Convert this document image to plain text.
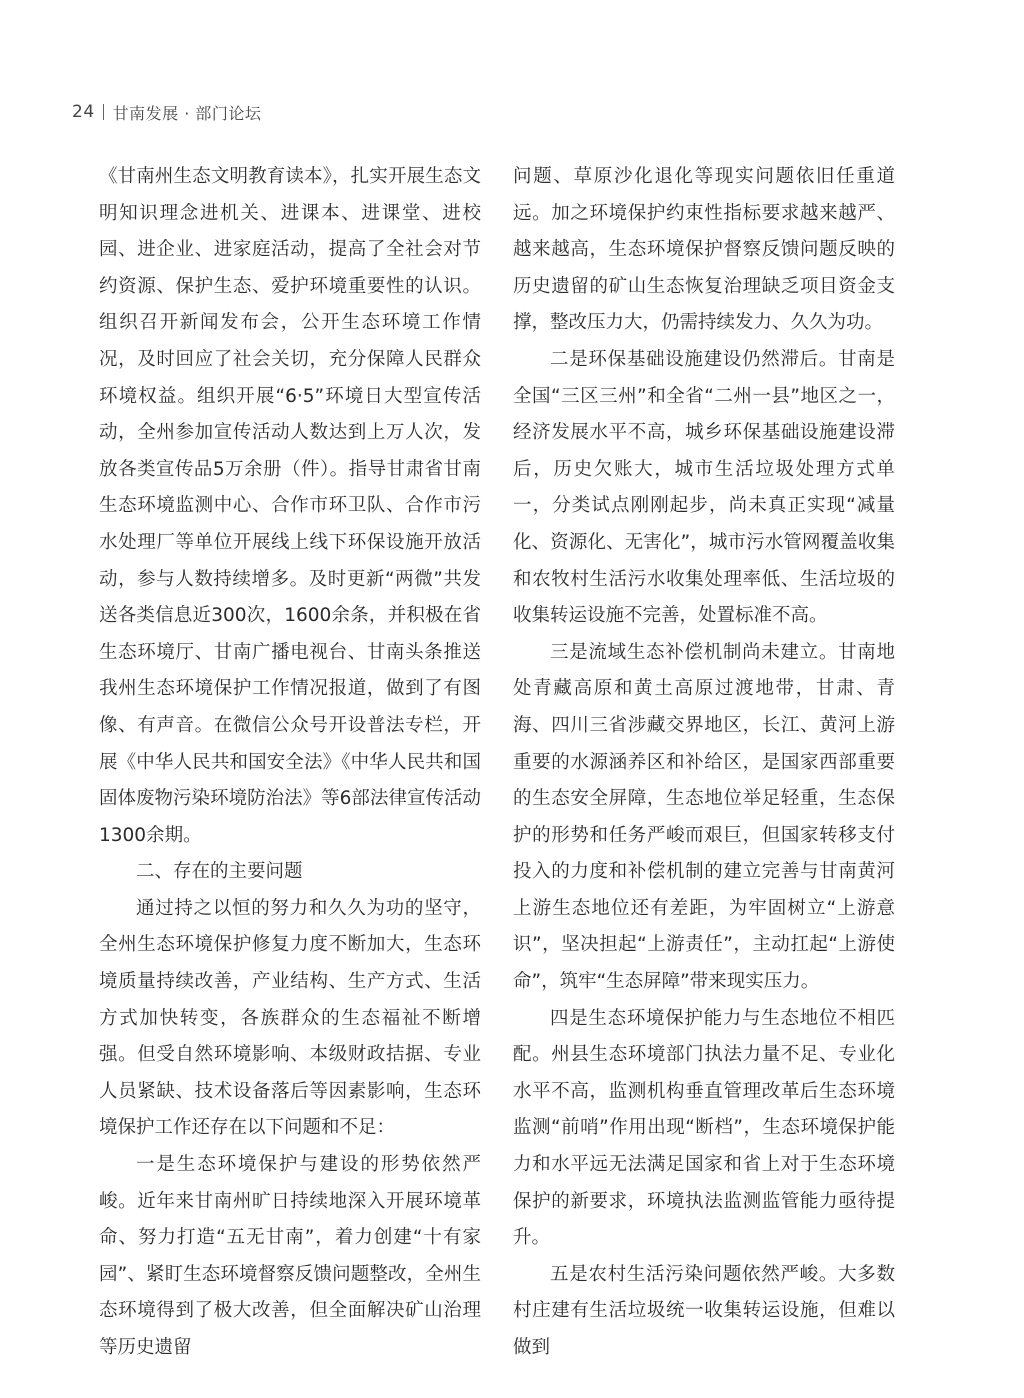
24 甘南发展 · 部门论坛

《甘南州生态文明教育读本》，扎实开展生态文明知识理念进机关、进课本、进课堂、进校园、进企业、进家庭活动，提高了全社会对节约资源、保护生态、爱护环境重要性的认识。组织召开新闻发布会，公开生态环境工作情况，及时回应了社会关切，充分保障人民群众环境权益。组织开展“6·5”环境日大型宣传活动，全州参加宣传活动人数达到上万人次，发放各类宣传品5万余册（件）。指导甘肃省甘南生态环境监测中心、合作市环卫队、合作市污水处理厂等单位开展线上线下环保设施开放活动，参与人数持续增多。及时更新“两微”共发送各类信息近300次，1600余条，并积极在省生态环境厅、甘南广播电视台、甘南头条推送我州生态环境保护工作情况报道，做到了有图像、有声音。在微信公众号开设普法专栏，开展《中华人民共和国安全法》《中华人民共和国固体废物污染环境防治法》等6部法律宣传活动1300余期。

二、存在的主要问题

通过持之以恒的努力和久久为功的坚守，全州生态环境保护修复力度不断加大，生态环境质量持续改善，产业结构、生产方式、生活方式加快转变，各族群众的生态福祉不断增强。但受自然环境影响、本级财政拮据、专业人员紧缺、技术设备落后等因素影响，生态环境保护工作还存在以下问题和不足：

一是生态环境保护与建设的形势依然严峻。近年来甘南州旷日持续地深入开展环境革命、努力打造“五无甘南”，着力创建“十有家园”、紧盯生态环境督察反馈问题整改，全州生态环境得到了极大改善，但全面解决矿山治理等历史遗留

问题、草原沙化退化等现实问题依旧任重道远。加之环境保护约束性指标要求越来越严、越来越高，生态环境保护督察反馈问题反映的历史遗留的矿山生态恢复治理缺乏项目资金支撑，整改压力大，仍需持续发力、久久为功。

二是环保基础设施建设仍然滞后。甘南是全国“三区三州”和全省“二州一县”地区之一，经济发展水平不高，城乡环保基础设施建设滞后，历史欠账大，城市生活垃圾处理方式单一，分类试点刚刚起步，尚未真正实现“减量化、资源化、无害化”，城市污水管网覆盖收集和农牧村生活污水收集处理率低、生活垃圾的收集转运设施不完善，处置标准不高。

三是流域生态补偿机制尚未建立。甘南地处青藏高原和黄土高原过渡地带，甘肃、青海、四川三省涉藏交界地区，长江、黄河上游重要的水源涵养区和补给区，是国家西部重要的生态安全屏障，生态地位举足轻重，生态保护的形势和任务严峻而艰巨，但国家转移支付投入的力度和补偿机制的建立完善与甘南黄河上游生态地位还有差距，为牢固树立“上游意识”，坚决担起“上游责任”，主动扛起“上游使命”，筑牢“生态屏障”带来现实压力。

四是生态环境保护能力与生态地位不相匹配。州县生态环境部门执法力量不足、专业化水平不高，监测机构垂直管理改革后生态环境监测“前哨”作用出现“断档”，生态环境保护能力和水平远无法满足国家和省上对于生态环境保护的新要求，环境执法监测监管能力亟待提升。

五是农村生活污染问题依然严峻。大多数村庄建有生活垃圾统一收集转运设施，但难以做到
